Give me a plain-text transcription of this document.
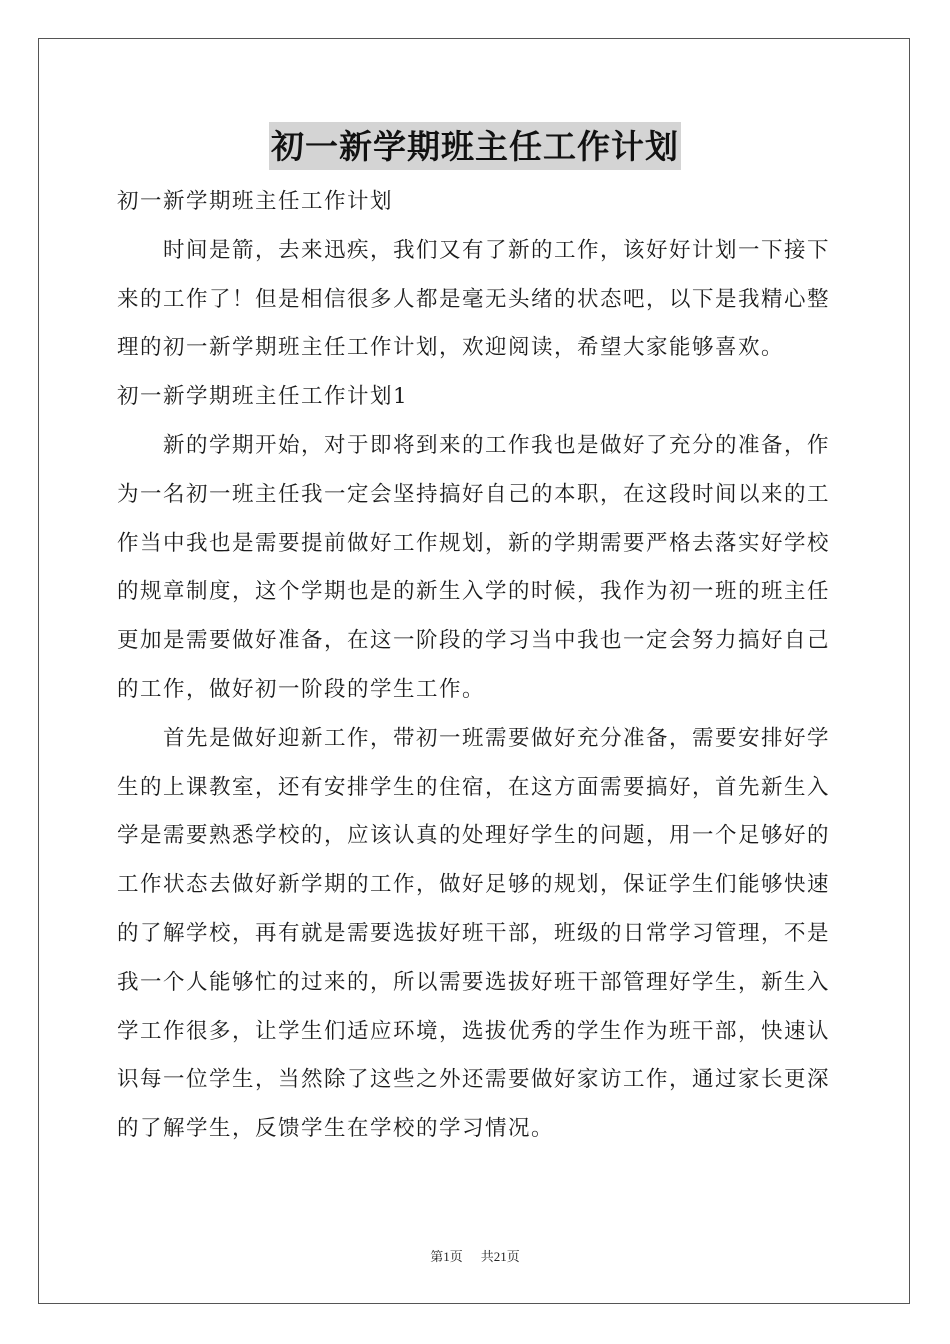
初一新学期班主任工作计划

初一新学期班主任工作计划

时间是箭，去来迅疾，我们又有了新的工作，该好好计划一下接下来的工作了！但是相信很多人都是毫无头绪的状态吧，以下是我精心整理的初一新学期班主任工作计划，欢迎阅读，希望大家能够喜欢。

初一新学期班主任工作计划1

新的学期开始，对于即将到来的工作我也是做好了充分的准备，作为一名初一班主任我一定会坚持搞好自己的本职，在这段时间以来的工作当中我也是需要提前做好工作规划，新的学期需要严格去落实好学校的规章制度，这个学期也是的新生入学的时候，我作为初一班的班主任更加是需要做好准备，在这一阶段的学习当中我也一定会努力搞好自己的工作，做好初一阶段的学生工作。

首先是做好迎新工作，带初一班需要做好充分准备，需要安排好学生的上课教室，还有安排学生的住宿，在这方面需要搞好，首先新生入学是需要熟悉学校的，应该认真的处理好学生的问题，用一个足够好的工作状态去做好新学期的工作，做好足够的规划，保证学生们能够快速的了解学校，再有就是需要选拔好班干部，班级的日常学习管理，不是我一个人能够忙的过来的，所以需要选拔好班干部管理好学生，新生入学工作很多，让学生们适应环境，选拔优秀的学生作为班干部，快速认识每一位学生，当然除了这些之外还需要做好家访工作，通过家长更深的了解学生，反馈学生在学校的学习情况。

第1页 共21页
